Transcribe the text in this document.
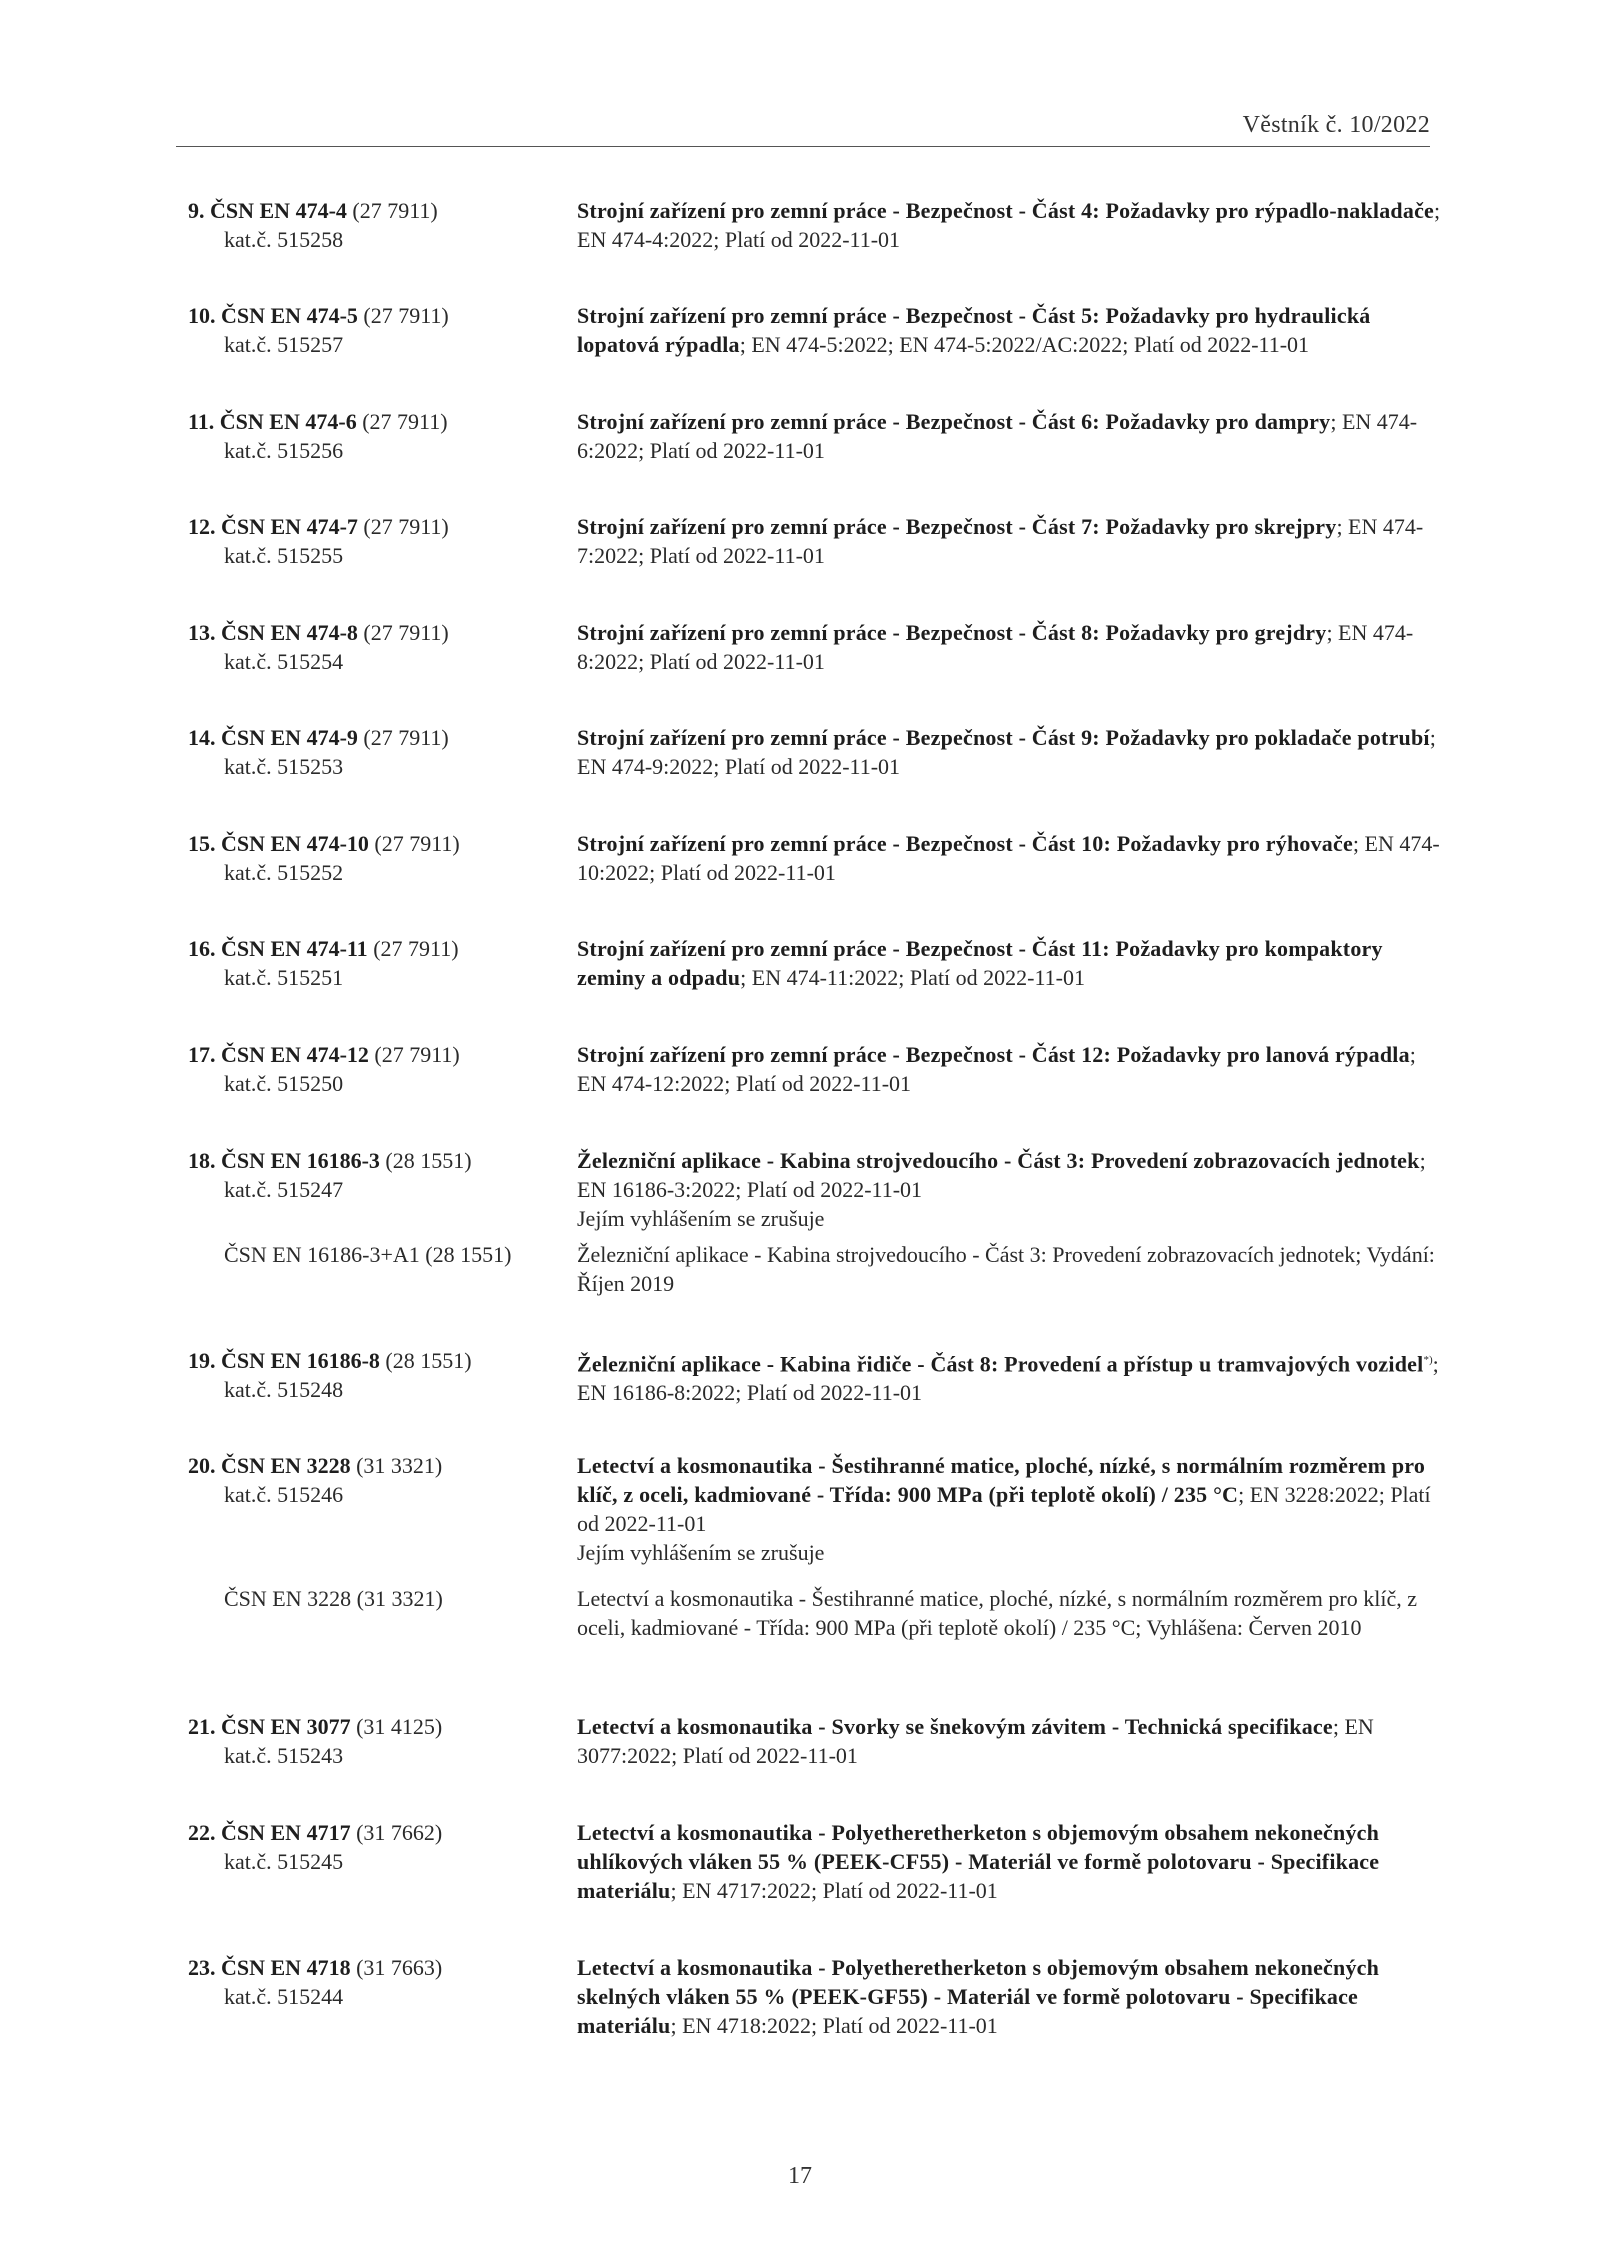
Věstník č. 10/2022
9. ČSN EN 474-4 (27 7911)
kat.č. 515258
Strojní zařízení pro zemní práce - Bezpečnost - Část 4: Požadavky pro rýpadlo-nakladače; EN 474-4:2022; Platí od 2022-11-01
10. ČSN EN 474-5 (27 7911)
kat.č. 515257
Strojní zařízení pro zemní práce - Bezpečnost - Část 5: Požadavky pro hydraulická lopatová rýpadla; EN 474-5:2022; EN 474-5:2022/AC:2022; Platí od 2022-11-01
11. ČSN EN 474-6 (27 7911)
kat.č. 515256
Strojní zařízení pro zemní práce - Bezpečnost - Část 6: Požadavky pro dampry; EN 474-6:2022; Platí od 2022-11-01
12. ČSN EN 474-7 (27 7911)
kat.č. 515255
Strojní zařízení pro zemní práce - Bezpečnost - Část 7: Požadavky pro skrejpry; EN 474-7:2022; Platí od 2022-11-01
13. ČSN EN 474-8 (27 7911)
kat.č. 515254
Strojní zařízení pro zemní práce - Bezpečnost - Část 8: Požadavky pro grejdry; EN 474-8:2022; Platí od 2022-11-01
14. ČSN EN 474-9 (27 7911)
kat.č. 515253
Strojní zařízení pro zemní práce - Bezpečnost - Část 9: Požadavky pro pokladače potrubí; EN 474-9:2022; Platí od 2022-11-01
15. ČSN EN 474-10 (27 7911)
kat.č. 515252
Strojní zařízení pro zemní práce - Bezpečnost - Část 10: Požadavky pro rýhovače; EN 474-10:2022; Platí od 2022-11-01
16. ČSN EN 474-11 (27 7911)
kat.č. 515251
Strojní zařízení pro zemní práce - Bezpečnost - Část 11: Požadavky pro kompaktory zeminy a odpadu; EN 474-11:2022; Platí od 2022-11-01
17. ČSN EN 474-12 (27 7911)
kat.č. 515250
Strojní zařízení pro zemní práce - Bezpečnost - Část 12: Požadavky pro lanová rýpadla; EN 474-12:2022; Platí od 2022-11-01
18. ČSN EN 16186-3 (28 1551)
kat.č. 515247
Železniční aplikace - Kabina strojvedoucího - Část 3: Provedení zobrazovacích jednotek; EN 16186-3:2022; Platí od 2022-11-01
Jejím vyhlášením se zrušuje
ČSN EN 16186-3+A1 (28 1551)	Železniční aplikace - Kabina strojvedoucího - Část 3: Provedení zobrazovacích jednotek; Vydání: Říjen 2019
19. ČSN EN 16186-8 (28 1551)
kat.č. 515248
Železniční aplikace - Kabina řidiče - Část 8: Provedení a přístup u tramvajových vozidel*); EN 16186-8:2022; Platí od 2022-11-01
20. ČSN EN 3228 (31 3321)
kat.č. 515246
Letectví a kosmonautika - Šestihranné matice, ploché, nízké, s normálním rozměrem pro klíč, z oceli, kadmiované - Třída: 900 MPa (při teplotě okolí) / 235 °C; EN 3228:2022; Platí od 2022-11-01
Jejím vyhlášením se zrušuje
ČSN EN 3228 (31 3321)	Letectví a kosmonautika - Šestihranné matice, ploché, nízké, s normálním rozměrem pro klíč, z oceli, kadmiované - Třída: 900 MPa (při teplotě okolí) / 235 °C; Vyhlášena: Červen 2010
21. ČSN EN 3077 (31 4125)
kat.č. 515243
Letectví a kosmonautika - Svorky se šnekovým závitem - Technická specifikace; EN 3077:2022; Platí od 2022-11-01
22. ČSN EN 4717 (31 7662)
kat.č. 515245
Letectví a kosmonautika - Polyetheretherketon s objemovým obsahem nekonečných uhlíkových vláken 55 % (PEEK-CF55) - Materiál ve formě polotovaru - Specifikace materiálu; EN 4717:2022; Platí od 2022-11-01
23. ČSN EN 4718 (31 7663)
kat.č. 515244
Letectví a kosmonautika - Polyetheretherketon s objemovým obsahem nekonečných skelných vláken 55 % (PEEK-GF55) - Materiál ve formě polotovaru - Specifikace materiálu; EN 4718:2022; Platí od 2022-11-01
17
